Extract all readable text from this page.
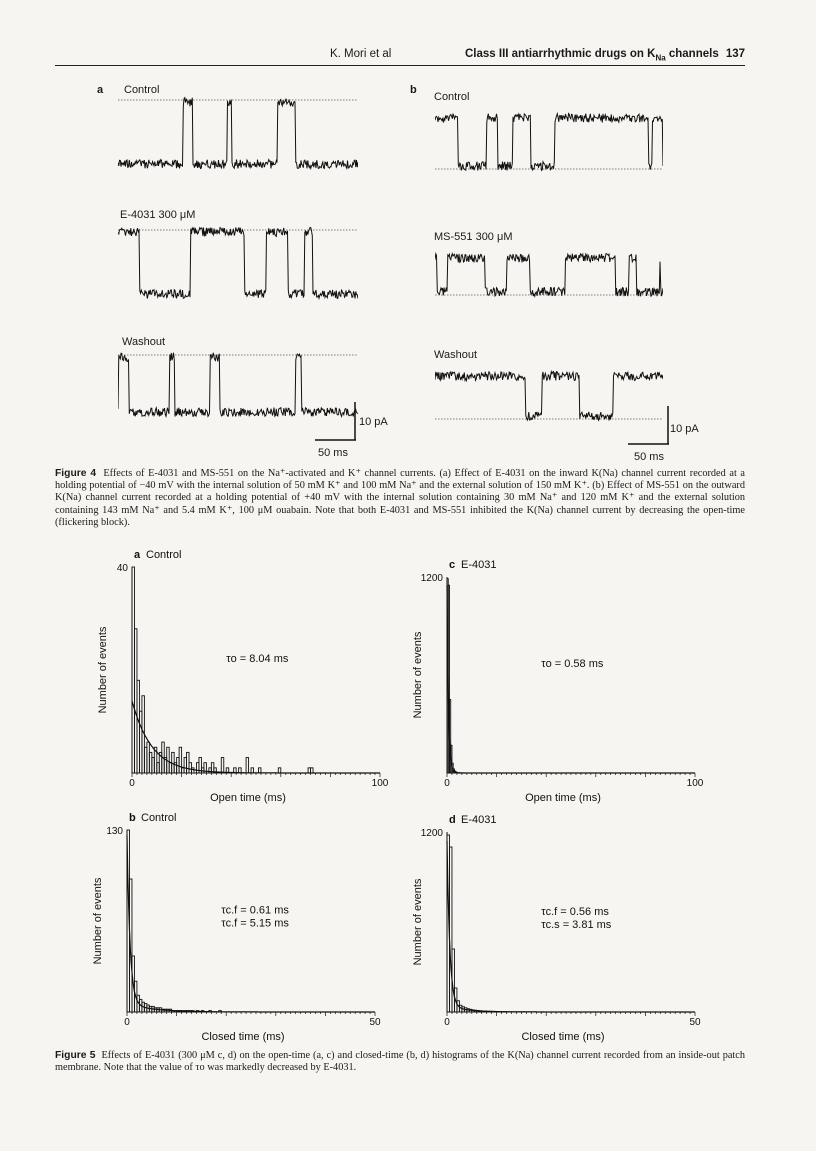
K. Mori et al	Class III antiarrhythmic drugs on $K_{Na}$ channels 137
a Control
E-4031 300 μM
Washout
10 pA
50 ms
b
Control
MS-551 300 μM
Washout
10 pA
50 ms
Figure 4 Effects of E-4031 and MS-551 on the Na⁺-activated and K⁺ channel currents. (a) Effect of E-4031 on the inward K(Na) channel current recorded at a holding potential of −40 mV with the internal solution of 50 mM K⁺ and 100 mM Na⁺ and the external solution of 150 mM K⁺. (b) Effect of MS-551 on the outward K(Na) channel current recorded at a holding potential of +40 mV with the internal solution containing 30 mM Na⁺ and 120 mM K⁺ and the external solution containing 143 mM Na⁺ and 5.4 mM K⁺, 100 μM ouabain. Note that both E-4031 and MS-551 inhibited the K(Na) channel current by decreasing the open-time (flickering block).
a Control
40
Number of events
0	100
Open time (ms)
τo = 8.04 ms
c E-4031
1200
Number of events
0	100
Open time (ms)
τo = 0.58 ms
b Control
130
Number of events
0	50
Closed time (ms)
τc.f = 0.61 ms
τc.f = 5.15 ms
d E-4031
1200
Number of events
0	50
Closed time (ms)
τc.f = 0.56 ms
τc.s = 3.81 ms
Figure 5 Effects of E-4031 (300 μM c, d) on the open-time (a, c) and closed-time (b, d) histograms of the K(Na) channel current recorded from an inside-out patch membrane. Note that the value of τo was markedly decreased by E-4031.
